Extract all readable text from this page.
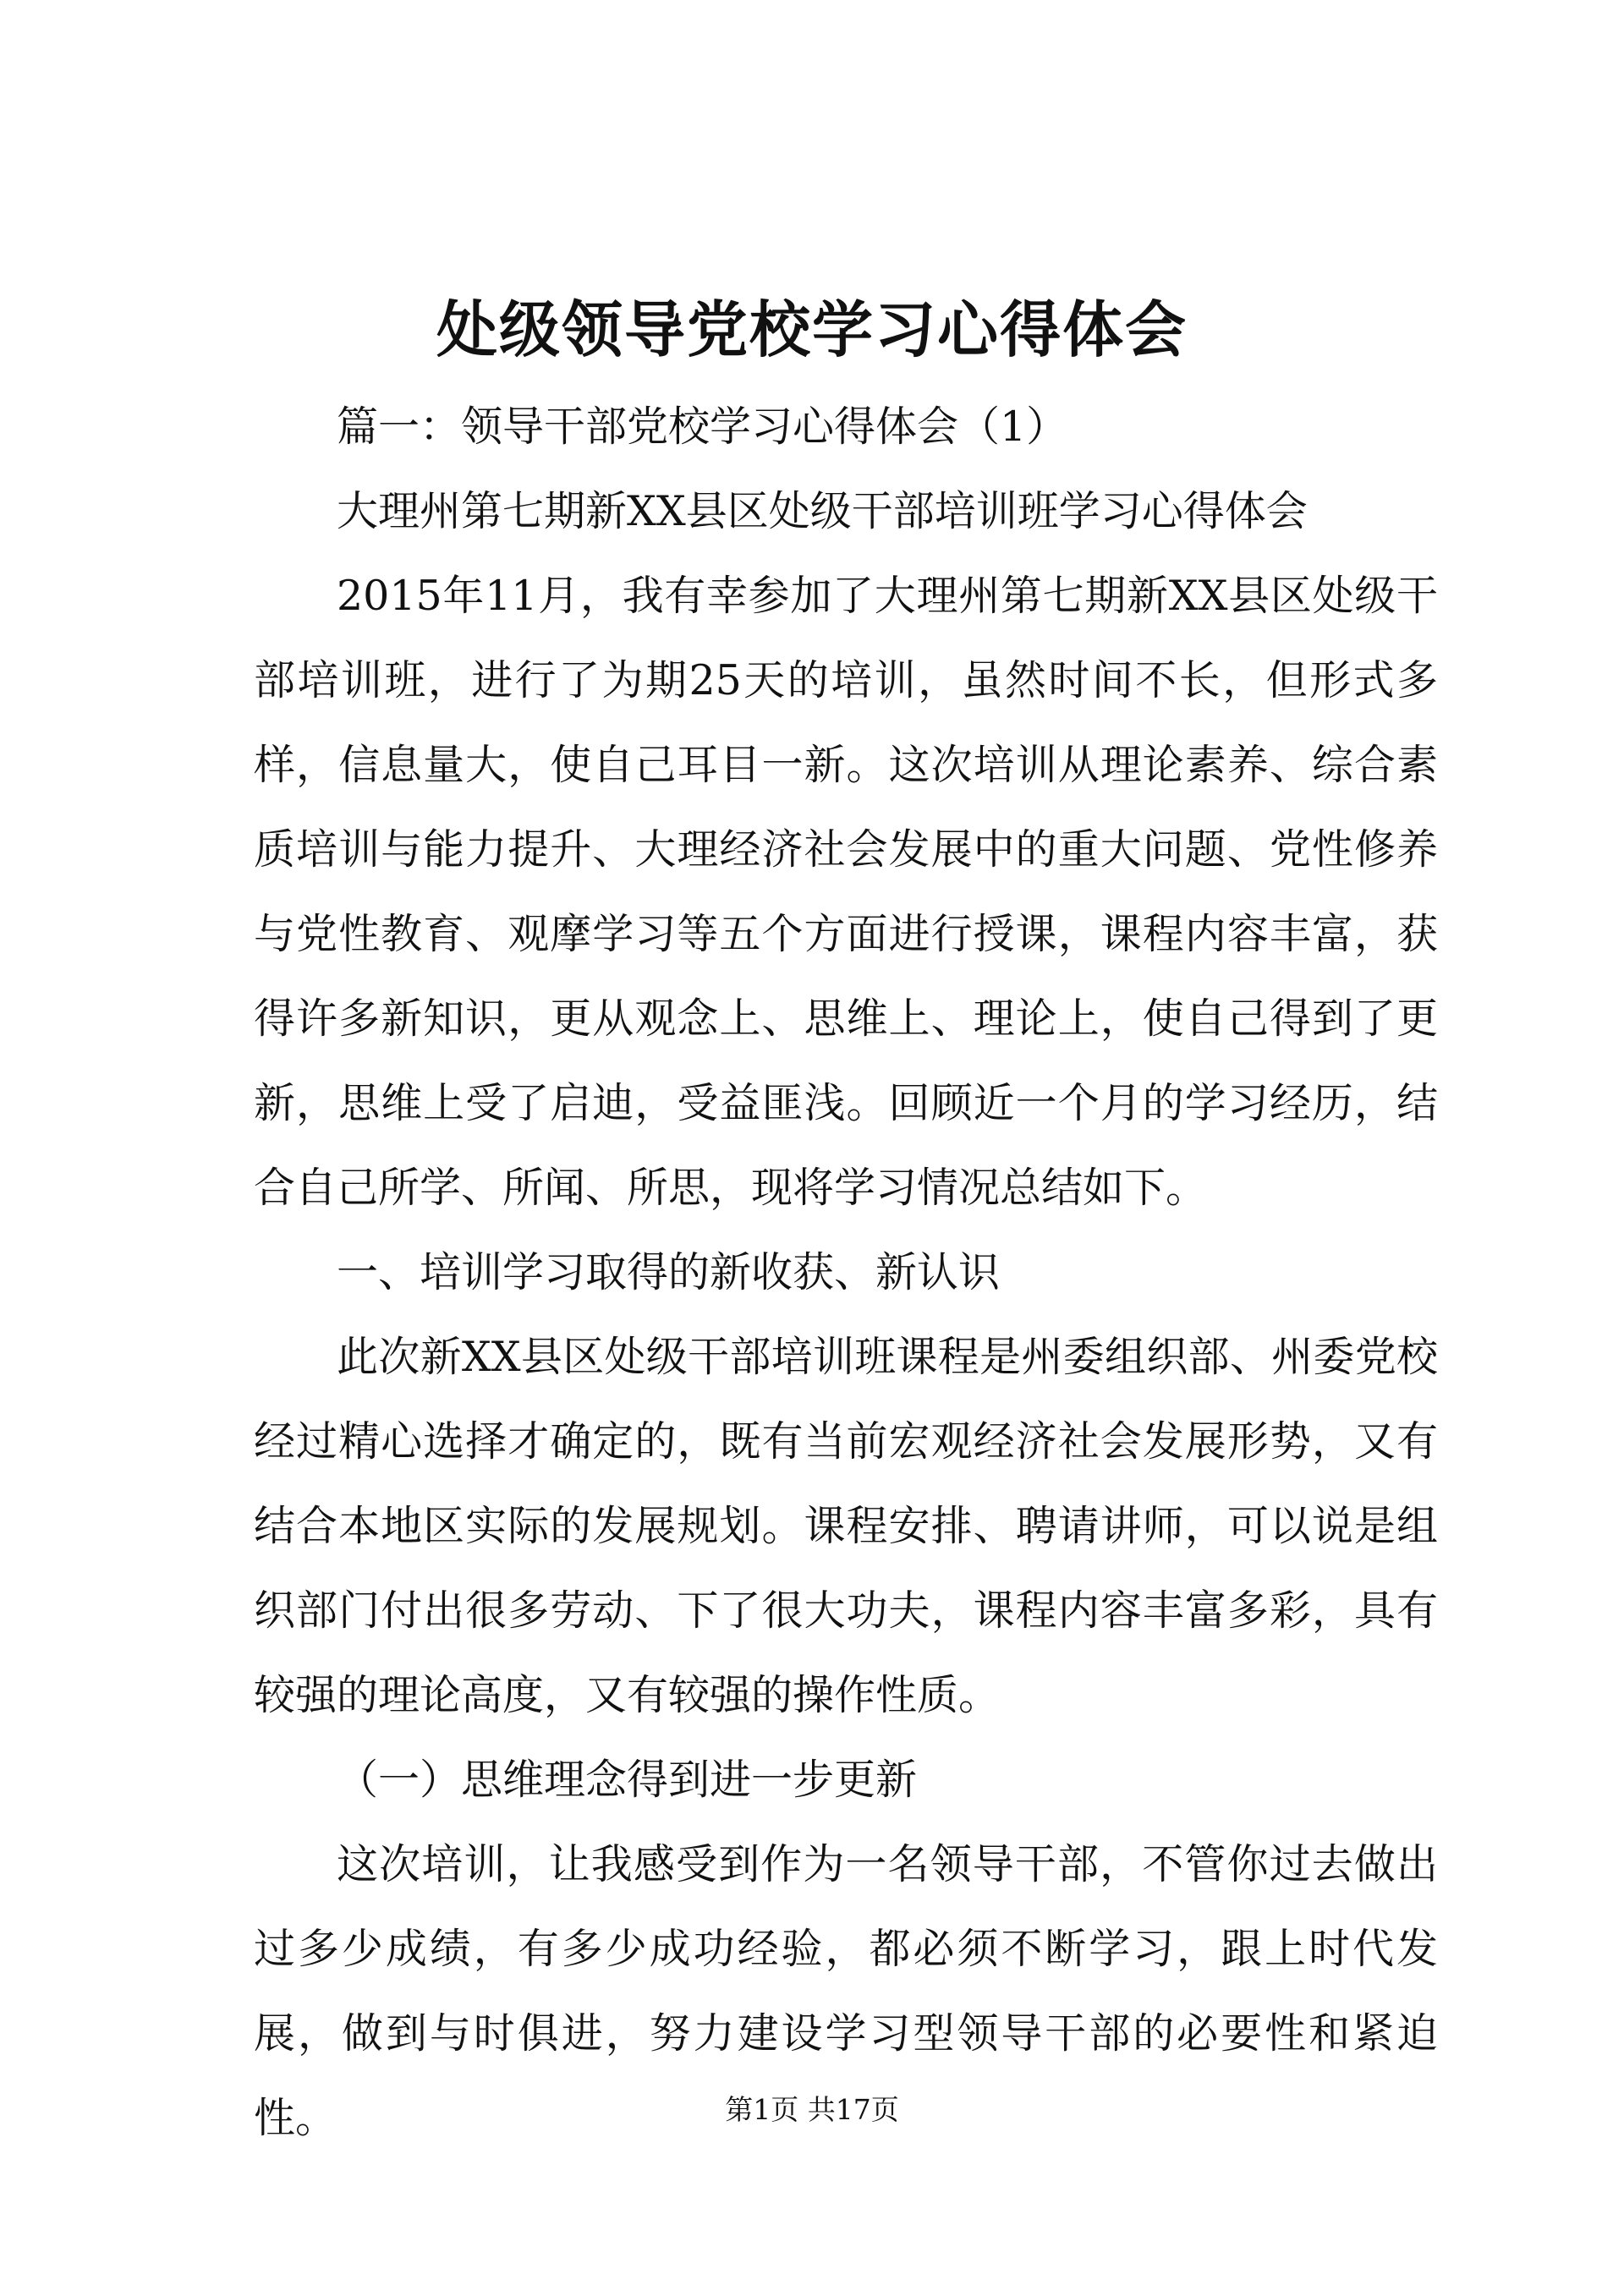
处级领导党校学习心得体会

篇一：领导干部党校学习心得体会（1）

大理州第七期新XX县区处级干部培训班学习心得体会

2015年11月，我有幸参加了大理州第七期新XX县区处级干部培训班，进行了为期25天的培训，虽然时间不长，但形式多样，信息量大，使自己耳目一新。这次培训从理论素养、综合素质培训与能力提升、大理经济社会发展中的重大问题、党性修养与党性教育、观摩学习等五个方面进行授课，课程内容丰富，获得许多新知识，更从观念上、思维上、理论上，使自己得到了更新，思维上受了启迪，受益匪浅。回顾近一个月的学习经历，结合自己所学、所闻、所思，现将学习情况总结如下。

一、培训学习取得的新收获、新认识

此次新XX县区处级干部培训班课程是州委组织部、州委党校经过精心选择才确定的，既有当前宏观经济社会发展形势，又有结合本地区实际的发展规划。课程安排、聘请讲师，可以说是组织部门付出很多劳动、下了很大功夫，课程内容丰富多彩，具有较强的理论高度，又有较强的操作性质。

（一）思维理念得到进一步更新

这次培训，让我感受到作为一名领导干部，不管你过去做出过多少成绩，有多少成功经验，都必须不断学习，跟上时代发展，做到与时俱进，努力建设学习型领导干部的必要性和紧迫性。	第1页 共17页
